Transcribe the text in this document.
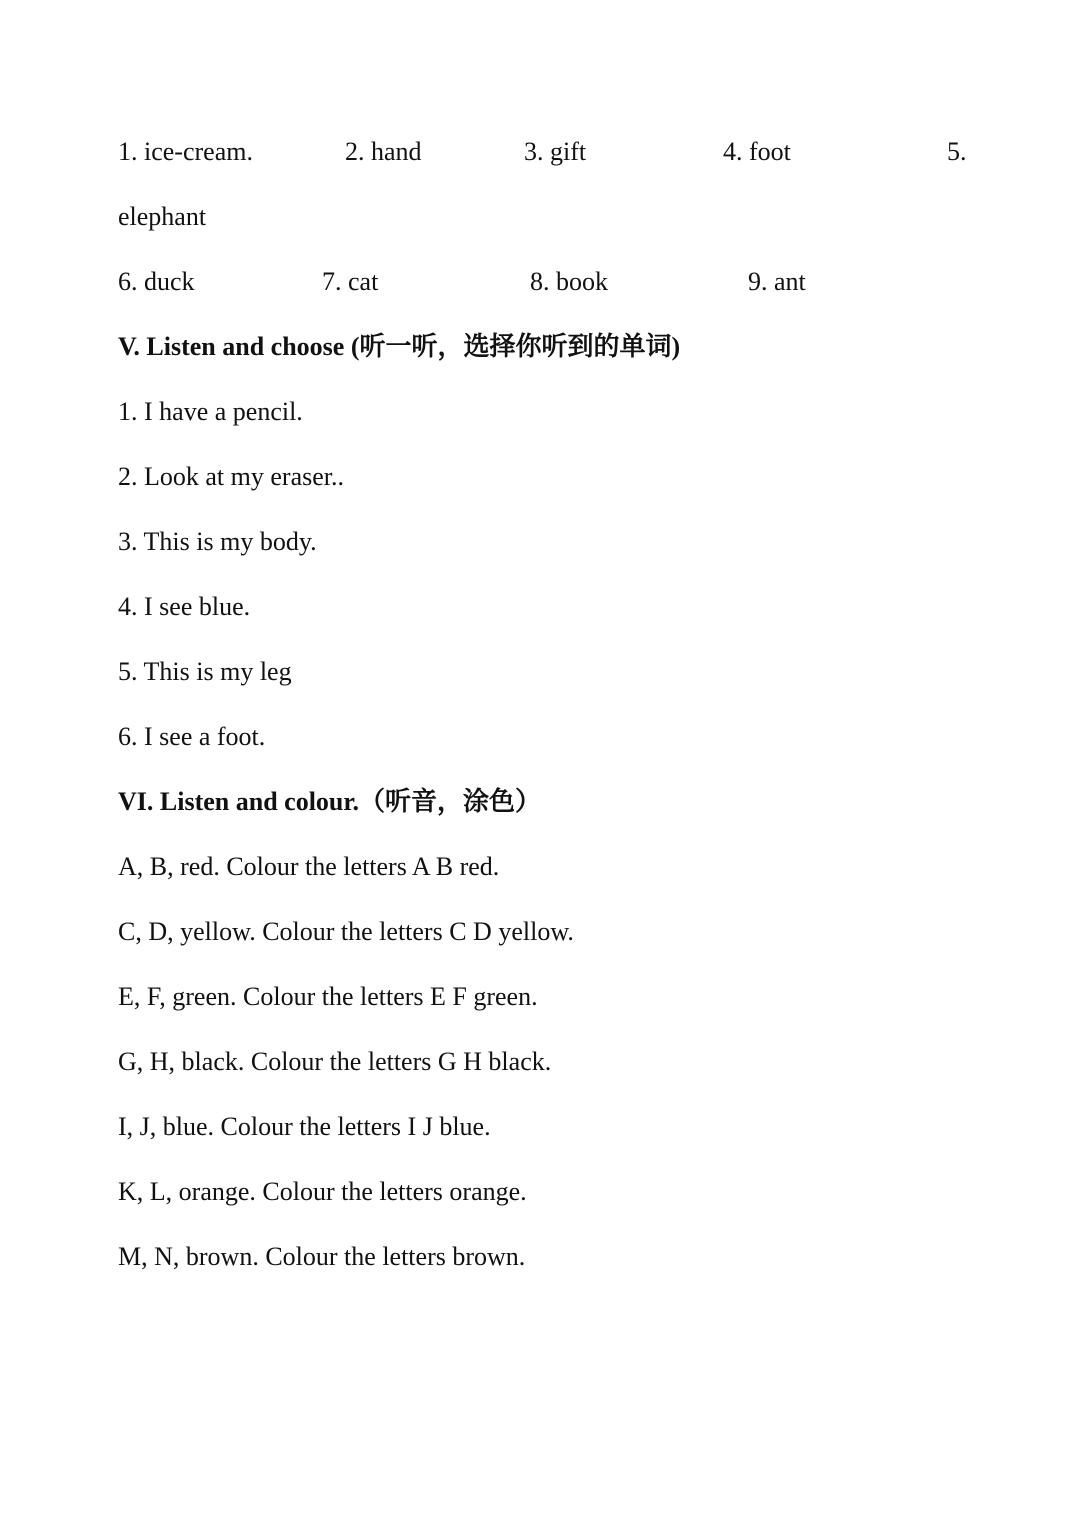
1. ice-cream.	2. hand	3. gift	4. foot	5.
elephant
6. duck	7. cat	8. book	9. ant
V. Listen and choose (听一听，选择你听到的单词)
1. I have a pencil.
2. Look at my eraser..
3. This is my body.
4. I see blue.
5. This is my leg
6. I see a foot.
VI. Listen and colour.（听音，涂色）
A, B, red. Colour the letters A B red.
C, D, yellow. Colour the letters C D yellow.
E, F, green. Colour the letters E F green.
G, H, black. Colour the letters G H black.
I, J, blue. Colour the letters I J blue.
K, L, orange. Colour the letters orange.
M, N, brown. Colour the letters brown.
